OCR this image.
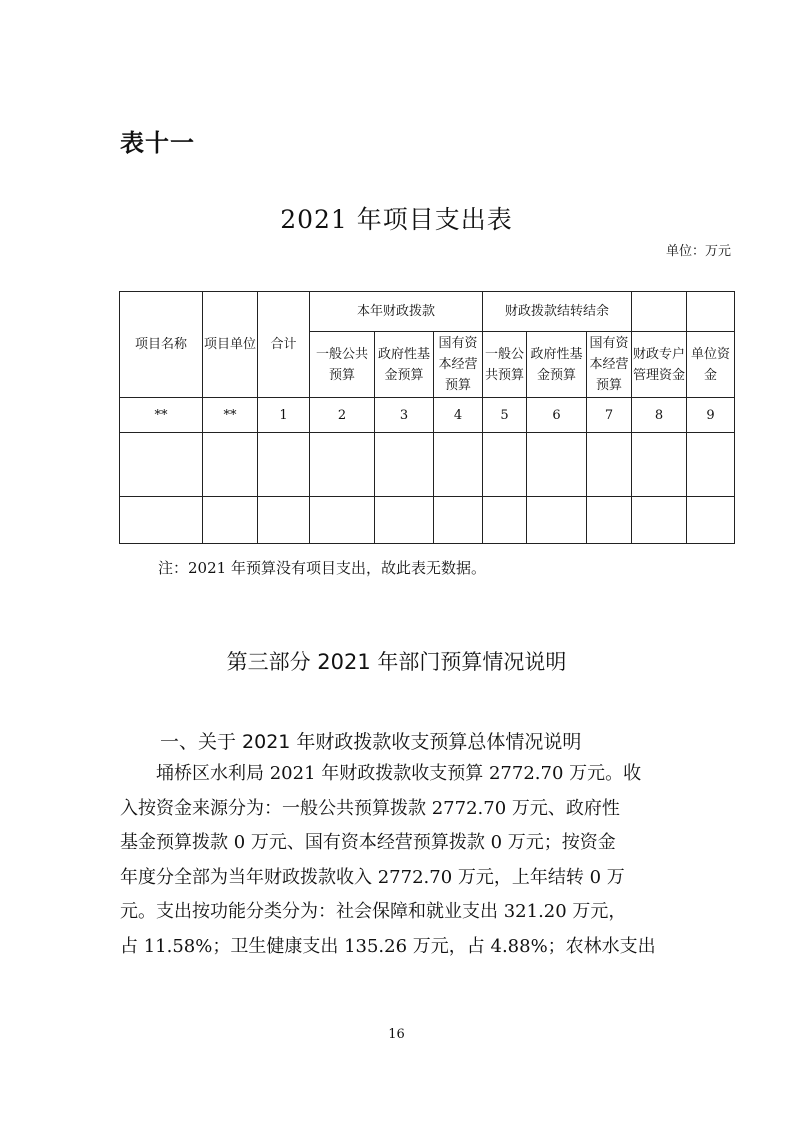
表十一
2021 年项目支出表
单位：万元
项目名称	项目单位	合计	本年财政拨款			财政拨款结转结余				
			一般公共预算	政府性基金预算	国有资本经营预算	一般公共预算	政府性基金预算	国有资本经营预算	财政专户管理资金	单位资金
**	**	1	2	3	4	5	6	7	8	9

注：2021 年预算没有项目支出，故此表无数据。
第三部分 2021 年部门预算情况说明
一、关于 2021 年财政拨款收支预算总体情况说明
埇桥区水利局 2021 年财政拨款收支预算 2772.70 万元。收
入按资金来源分为：一般公共预算拨款 2772.70 万元、政府性
基金预算拨款 0 万元、国有资本经营预算拨款 0 万元；按资金
年度分全部为当年财政拨款收入 2772.70 万元，上年结转 0 万
元。支出按功能分类分为：社会保障和就业支出 321.20 万元，
占 11.58%；卫生健康支出 135.26 万元，占 4.88%；农林水支出
16
